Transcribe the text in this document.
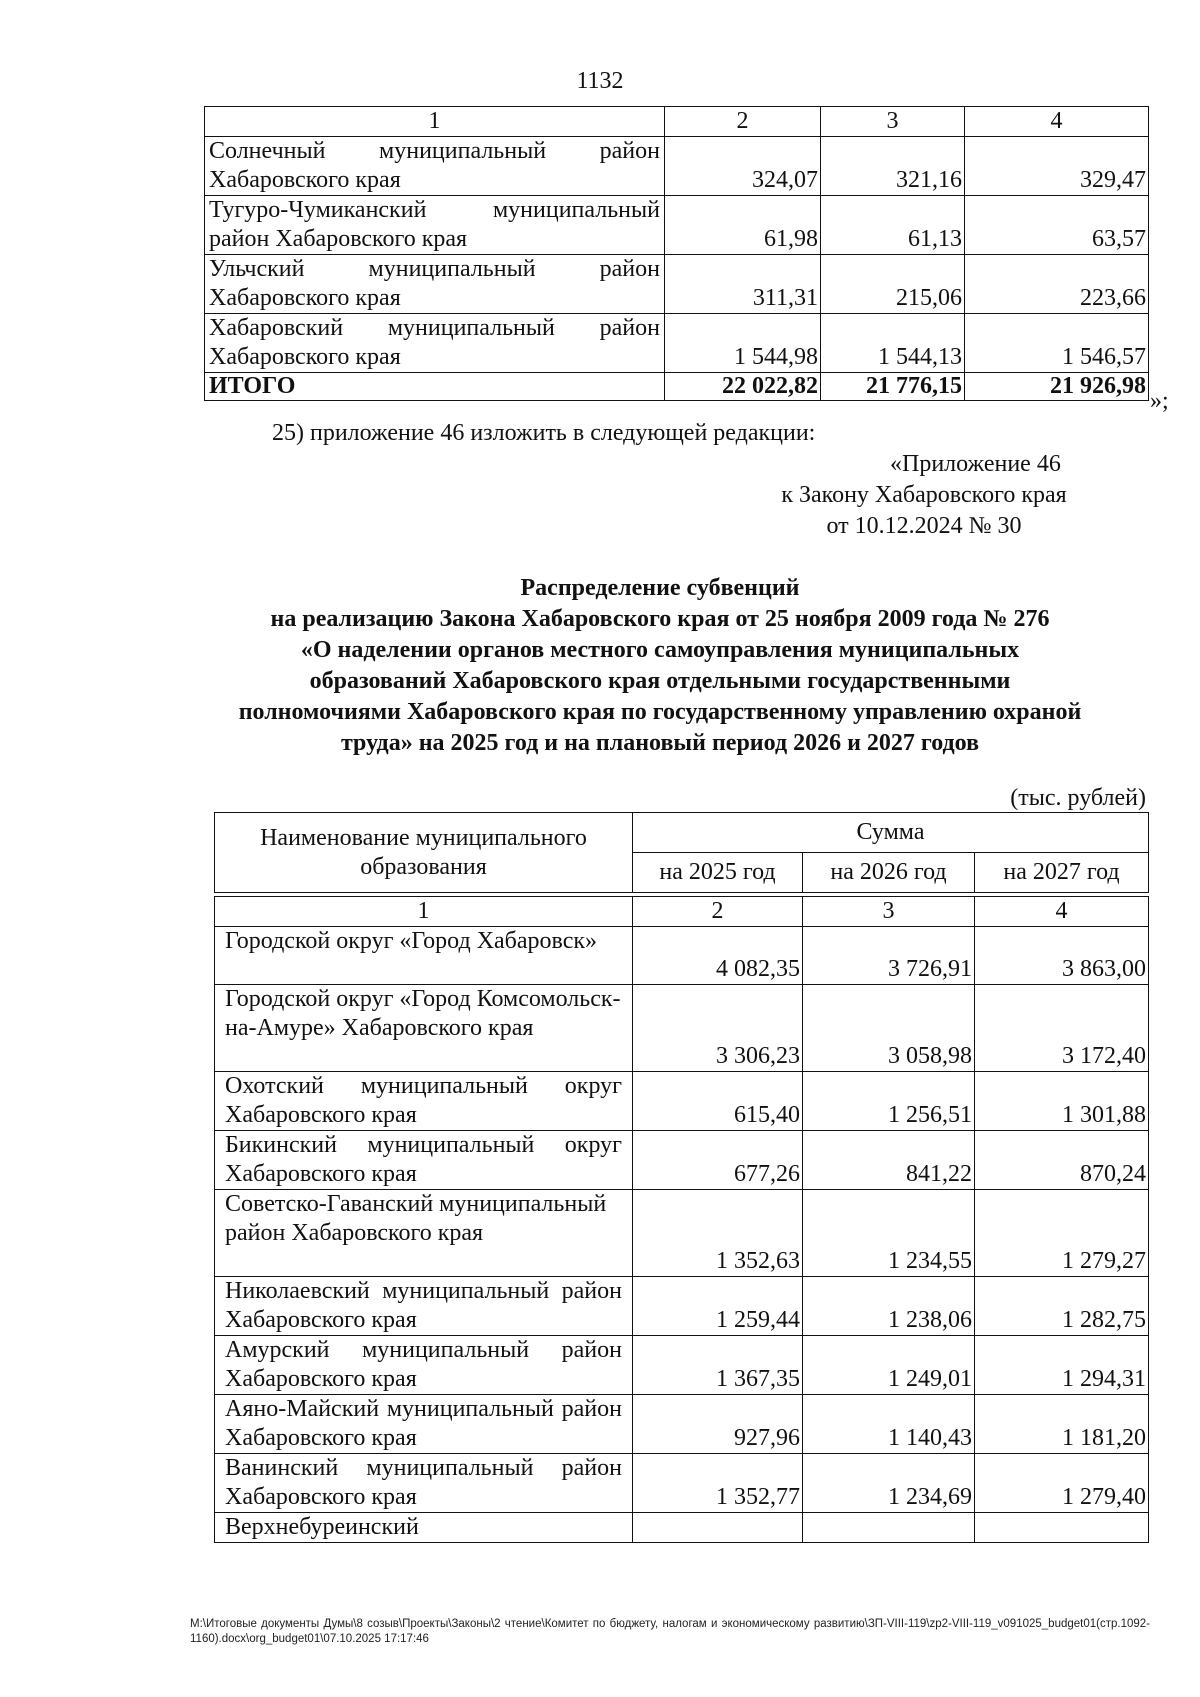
1132
1	2	3	4
Солнечный муниципальный район Хабаровского края	324,07	321,16	329,47
Тугуро-Чумиканский муниципальный район Хабаровского края	61,98	61,13	63,57
Ульчский муниципальный район Хабаровского края	311,31	215,06	223,66
Хабаровский муниципальный район Хабаровского края	1 544,98	1 544,13	1 546,57
ИТОГО	22 022,82	21 776,15	21 926,98
»;
25) приложение 46 изложить в следующей редакции:
«Приложение 46
к Закону Хабаровского края
от 10.12.2024 № 30
Распределение субвенций
на реализацию Закона Хабаровского края от 25 ноября 2009 года № 276
«О наделении органов местного самоуправления муниципальных
образований Хабаровского края отдельными государственными
полномочиями Хабаровского края по государственному управлению охраной
труда» на 2025 год и на плановый период 2026 и 2027 годов
(тыс. рублей)
Наименование муниципального образования	Сумма		
	на 2025 год	на 2026 год	на 2027 год

1	2	3	4
Городской округ «Город Хабаровск»	4 082,35	3 726,91	3 863,00
Городской округ «Город Комсомольск-на-Амуре» Хабаровского края	3 306,23	3 058,98	3 172,40
Охотский муниципальный округ Хабаровского края	615,40	1 256,51	1 301,88
Бикинский муниципальный округ Хабаровского края	677,26	841,22	870,24
Советско-Гаванский муниципальный район Хабаровского края	1 352,63	1 234,55	1 279,27
Николаевский муниципальный район Хабаровского края	1 259,44	1 238,06	1 282,75
Амурский муниципальный район Хабаровского края	1 367,35	1 249,01	1 294,31
Аяно-Майский муниципальный район Хабаровского края	927,96	1 140,43	1 181,20
Ванинский муниципальный район Хабаровского края	1 352,77	1 234,69	1 279,40
Верхнебуреинский			
М:\Итоговые документы Думы\8 созыв\Проекты\Законы\2 чтение\Комитет по бюджету, налогам и экономическому развитию\ЗП-VIII-119\zp2-VIII-119_v091025_budget01(стр.1092-1160).docx\org_budget01\07.10.2025 17:17:46
